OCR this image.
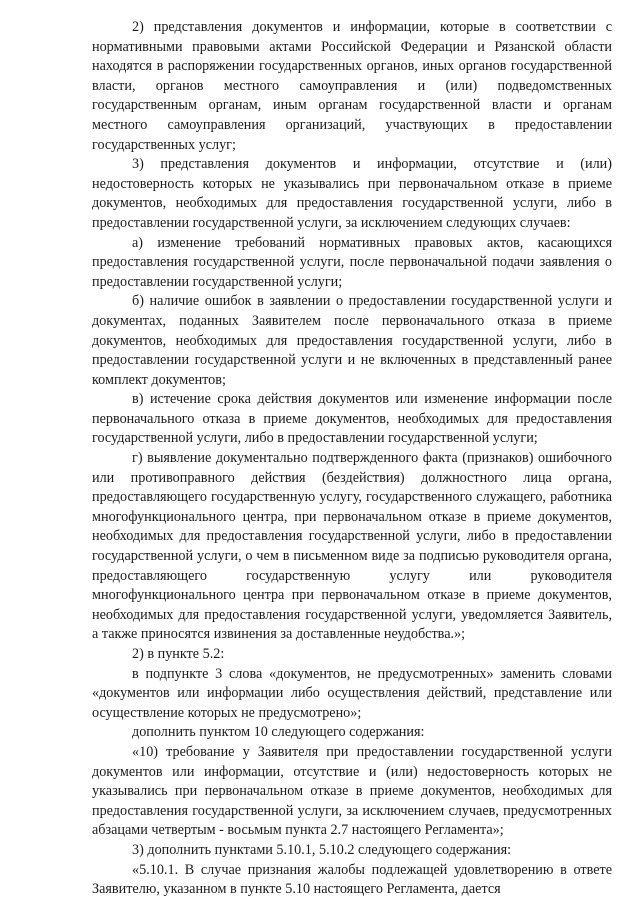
2) представления документов и информации, которые в соответствии с нормативными правовыми актами Российской Федерации и Рязанской области находятся в распоряжении государственных органов, иных органов государственной власти, органов местного самоуправления и (или) подведомственных государственным органам, иным органам государственной власти и органам местного самоуправления организаций, участвующих в предоставлении государственных услуг;

3) представления документов и информации, отсутствие и (или) недостоверность которых не указывались при первоначальном отказе в приеме документов, необходимых для предоставления государственной услуги, либо в предоставлении государственной услуги, за исключением следующих случаев:

а) изменение требований нормативных правовых актов, касающихся предоставления государственной услуги, после первоначальной подачи заявления о предоставлении государственной услуги;

б) наличие ошибок в заявлении о предоставлении государственной услуги и документах, поданных Заявителем после первоначального отказа в приеме документов, необходимых для предоставления государственной услуги, либо в предоставлении государственной услуги и не включенных в представленный ранее комплект документов;

в) истечение срока действия документов или изменение информации после первоначального отказа в приеме документов, необходимых для предоставления государственной услуги, либо в предоставлении государственной услуги;

г) выявление документально подтвержденного факта (признаков) ошибочного или противоправного действия (бездействия) должностного лица органа, предоставляющего государственную услугу, государственного служащего, работника многофункционального центра, при первоначальном отказе в приеме документов, необходимых для предоставления государственной услуги, либо в предоставлении государственной услуги, о чем в письменном виде за подписью руководителя органа, предоставляющего государственную услугу или руководителя многофункционального центра при первоначальном отказе в приеме документов, необходимых для предоставления государственной услуги, уведомляется Заявитель, а также приносятся извинения за доставленные неудобства.»;

2) в пункте 5.2:

в подпункте 3 слова «документов, не предусмотренных» заменить словами «документов или информации либо осуществления действий, представление или осуществление которых не предусмотрено»;

дополнить пунктом 10 следующего содержания:

«10) требование у Заявителя при предоставлении государственной услуги документов или информации, отсутствие и (или) недостоверность которых не указывались при первоначальном отказе в приеме документов, необходимых для предоставления государственной услуги, за исключением случаев, предусмотренных абзацами четвертым - восьмым пункта 2.7 настоящего Регламента»;

3) дополнить пунктами 5.10.1, 5.10.2 следующего содержания:

«5.10.1. В случае признания жалобы подлежащей удовлетворению в ответе Заявителю, указанном в пункте 5.10 настоящего Регламента, дается
